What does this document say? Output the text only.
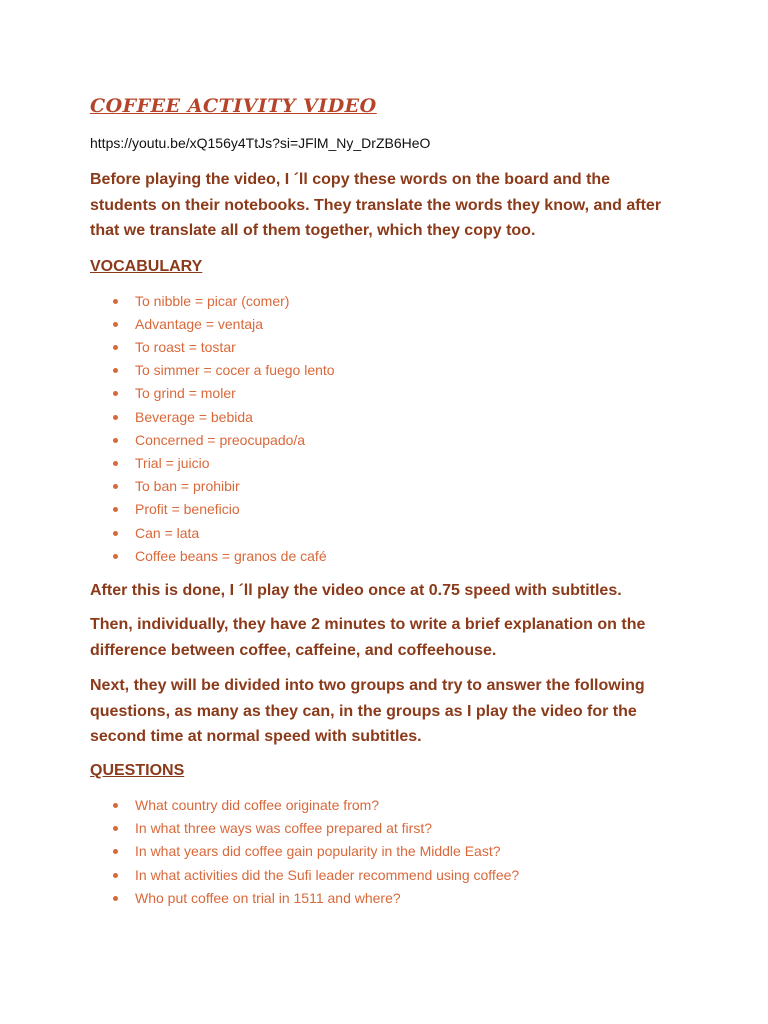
COFFEE ACTIVITY VIDEO
https://youtu.be/xQ156y4TtJs?si=JFlM_Ny_DrZB6HeO

Before playing the video, I ´ll copy these words on the board and the students on their notebooks. They translate the words they know, and after that we translate all of them together, which they copy too.

VOCABULARY
To nibble = picar (comer)
Advantage = ventaja
To roast = tostar
To simmer = cocer a fuego lento
To grind = moler
Beverage = bebida
Concerned = preocupado/a
Trial = juicio
To ban = prohibir
Profit = beneficio
Can = lata
Coffee beans = granos de café

After this is done, I ´ll play the video once at 0.75 speed with subtitles.

Then, individually, they have 2 minutes to write a brief explanation on the difference between coffee, caffeine, and coffeehouse.

Next, they will be divided into two groups and try to answer the following questions, as many as they can, in the groups as I play the video for the second time at normal speed with subtitles.

QUESTIONS
What country did coffee originate from?
In what three ways was coffee prepared at first?
In what years did coffee gain popularity in the Middle East?
In what activities did the Sufi leader recommend using coffee?
Who put coffee on trial in 1511 and where?
